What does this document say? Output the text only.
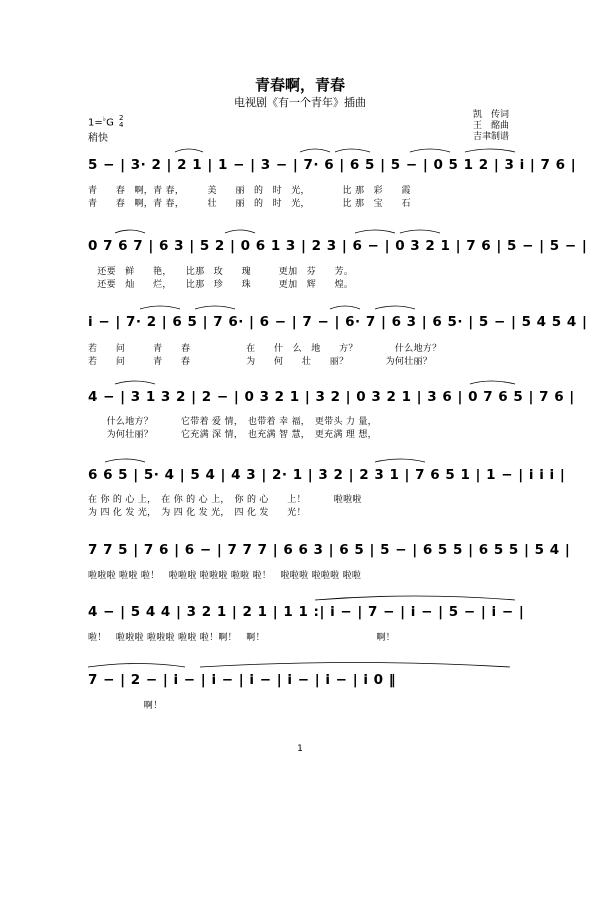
青春啊，青春
电视剧《有一个青年》插曲
1=♭G 2
4
稍快
凯　传词
王　酩曲
吉聿制谱
5 − | 3· 2 | 2 1 | 1 − | 3 − | 7· 6 | 6 5 | 5 − | 0 5 1 2 | 3 i | 7 6 |
青　　春　啊，青 春，　　　美　　丽　的　时　光，　　　　比 那　彩　　霞
青　　春　啊，青 春，　　　壮　　丽　的　时　光，　　　　比 那　宝　　石
0 7 6 7 | 6 3 | 5 2 | 0 6 1 3 | 2 3 | 6 − | 0 3 2 1 | 7 6 | 5 − | 5 − |
　还要　鲜　　艳，　　比那　玫　　瑰　　　更加　芬　　芳。
　还要　灿　　烂，　　比那　珍　　珠　　　更加　辉　　煌。
i − | 7· 2 | 6 5 | 7 6· | 6 − | 7 − | 6· 7 | 6 3 | 6 5· | 5 − | 5 4 5 4 |
若　　问　　　青　　春　　　　　　在　　什　么　地　　方？　　　　什么地方？
若　　问　　　青　　春　　　　　　为　　何　　壮　　丽？　　　　为何壮丽？
4 − | 3 1 3 2 | 2 − | 0 3 2 1 | 3 2 | 0 3 2 1 | 3 6 | 0 7 6 5 | 7 6 |
　　什么地方？　　　它带着 爱 情，　也带着 幸 福，　更带头 力 量，
　　为何壮丽？　　　它充满 深 情，　也充满 智 慧，　更充满 理 想，
6 6 5 | 5· 4 | 5 4 | 4 3 | 2· 1 | 3 2 | 2 3 1 | 7 6 5 1 | 1 − | i i i |
在 你 的 心 上，　在 你 的 心 上，　你 的 心　　上！　　　啦啦啦
为 四 化 发 光，　为 四 化 发 光，　四 化 发　　光！
7 7 5 | 7 6 | 6 − | 7 7 7 | 6 6 3 | 6 5 | 5 − | 6 5 5 | 6 5 5 | 5 4 |
啦啦啦 啦啦 啦！　啦啦啦 啦啦啦 啦啦 啦！　啦啦啦 啦啦啦 啦啦
4 − | 5 4 4 | 3 2 1 | 2 1 | 1 1 :| i − | 7 − | i − | 5 − | i − |
啦！　啦啦啦 啦啦啦 啦啦 啦！啊！　啊！　　　　　　　　　　　　啊！
7 − | 2 − | i − | i − | i − | i − | i − | i 0 ‖
　　　　　　啊！
1
